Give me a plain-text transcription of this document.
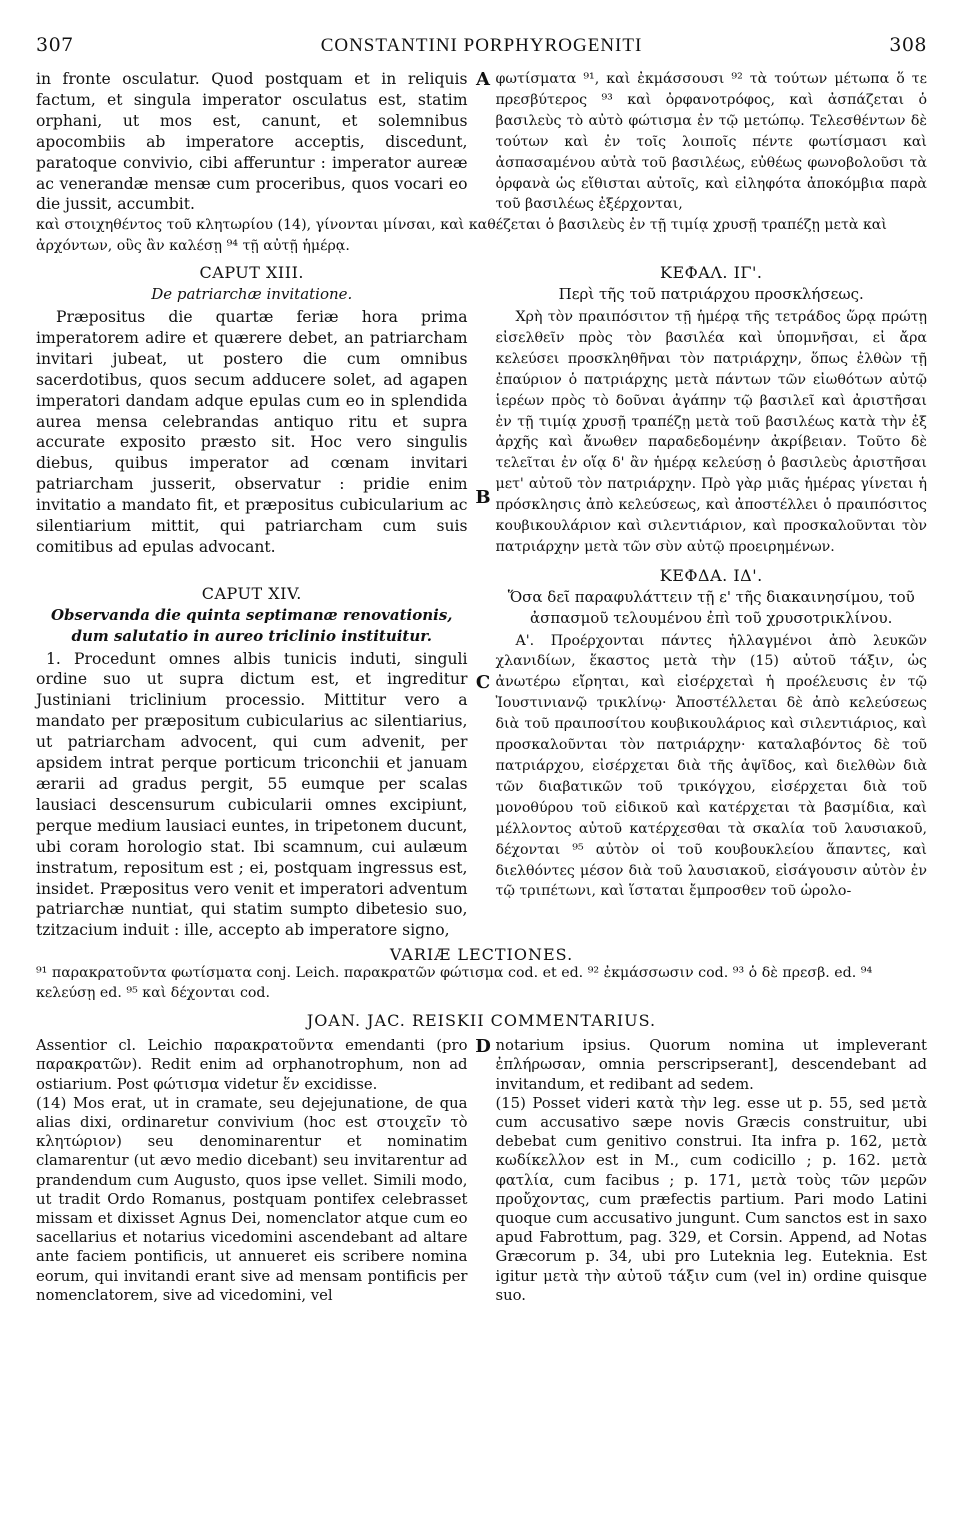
307	CONSTANTINI PORPHYROGENITI	308
A

in fronte osculatur. Quod postquam et in reliquis factum, et singula imperator osculatus est, statim orphani, ut mos est, canunt, et solemnibus apocombiis ab imperatore acceptis, discedunt, paratoque convivio, cibi afferuntur : imperator aureæ ac venerandæ mensæ cum proceribus, quos vocari eo die jussit, accumbit.

φωτίσματα ⁹¹, καὶ ἐκμάσσουσι ⁹² τὰ τούτων μέτωπα ὅ τε πρεσβύτερος ⁹³ καὶ ὀρφανοτρόφος, καὶ ἀσπάζεται ὁ βασιλεὺς τὸ αὐτὸ φώτισμα ἐν τῷ μετώπῳ. Τελεσθέντων δὲ τούτων καὶ ἐν τοῖς λοιποῖς πέντε φωτίσμασι καὶ ἀσπασαμένου αὐτὰ τοῦ βασιλέως, εὐθέως φωνοβολοῦσι τὰ ὀρφανὰ ὡς εἴθισται αὐτοῖς, καὶ εἰληφότα ἀποκόμβια παρὰ τοῦ βασιλέως ἐξέρχονται,

καὶ στοιχηθέντος τοῦ κλητωρίου (14), γίνονται μίνσαι, καὶ καθέζεται ὁ βασιλεὺς ἐν τῇ τιμίᾳ χρυσῇ τραπέζῃ μετὰ καὶ ἀρχόντων, οὓς ἂν καλέσῃ ⁹⁴ τῇ αὐτῇ ἡμέρᾳ.

B
CAPUT XIII.
De patriarchæ invitatione.

Præpositus die quartæ feriæ hora prima imperatorem adire et quærere debet, an patriarcham invitari jubeat, ut postero die cum omnibus sacerdotibus, quos secum adducere solet, ad agapen imperatori dandam adque epulas cum eo in splendida aurea mensa celebrandas antiquo ritu et supra accurate exposito præsto sit. Hoc vero singulis diebus, quibus imperator ad cœnam invitari patriarcham jusserit, observatur : pridie enim invitatio a mandato fit, et præpositus cubicularium ac silentiarium mittit, qui patriarcham cum suis comitibus ad epulas advocant.

ΚΕΦΑΛ. ΙΓ'.
Περὶ τῆς τοῦ πατριάρχου προσκλήσεως.

Χρὴ τὸν πραιπόσιτον τῇ ἡμέρᾳ τῆς τετράδος ὥρᾳ πρώτῃ εἰσελθεῖν πρὸς τὸν βασιλέα καὶ ὑπομνῆσαι, εἰ ἄρα κελεύσει προσκληθῆναι τὸν πατριάρχην, ὅπως ἐλθὼν τῇ ἐπαύριον ὁ πατριάρχης μετὰ πάντων τῶν εἰωθότων αὐτῷ ἱερέων πρὸς τὸ δοῦναι ἀγάπην τῷ βασιλεῖ καὶ ἀριστῆσαι ἐν τῇ τιμίᾳ χρυσῇ τραπέζῃ μετὰ τοῦ βασιλέως κατὰ τὴν ἐξ ἀρχῆς καὶ ἄνωθεν παραδεδομένην ἀκρίβειαν. Τοῦτο δὲ τελεῖται ἐν οἵᾳ δ' ἂν ἡμέρᾳ κελεύσῃ ὁ βασιλεὺς ἀριστῆσαι μετ' αὐτοῦ τὸν πατριάρχην. Πρὸ γὰρ μιᾶς ἡμέρας γίνεται ἡ πρόσκλησις ἀπὸ κελεύσεως, καὶ ἀποστέλλει ὁ πραιπόσιτος κουβικουλάριον καὶ σιλεντιάριον, καὶ προσκαλοῦνται τὸν πατριάρχην μετὰ τῶν σὺν αὐτῷ προειρημένων.

C
CAPUT XIV.
Observanda die quinta septimanæ renovationis, dum salutatio in aureo triclinio instituitur.

1. Procedunt omnes albis tunicis induti, singuli ordine suo ut supra dictum est, et ingreditur Justiniani triclinium processio. Mittitur vero a mandato per præpositum cubicularius ac silentiarius, ut patriarcham advocent, qui cum advenit, per apsidem intrat perque porticum triconchii et januam ærarii ad gradus pergit, 55 eumque per scalas lausiaci descensurum cubicularii omnes excipiunt, perque medium lausiaci euntes, in tripetonem ducunt, ubi coram horologio stat. Ibi scamnum, cui aulæum instratum, repositum est ; ei, postquam ingressus est, insidet. Præpositus vero venit et imperatori adventum patriarchæ nuntiat, qui statim sumpto dibetesio suo, tzitzacium induit : ille, accepto ab imperatore signo,

ΚΕΦΔΑ. ΙΔ'.
Ὅσα δεῖ παραφυλάττειν τῇ ε' τῆς διακαινησίμου, τοῦ ἀσπασμοῦ τελουμένου ἐπὶ τοῦ χρυσοτρικλίνου.

Α'. Προέρχονται πάντες ἠλλαγμένοι ἀπὸ λευκῶν χλανιδίων, ἕκαστος μετὰ τὴν (15) αὐτοῦ τάξιν, ὡς ἀνωτέρω εἴρηται, καὶ εἰσέρχεταὶ ἡ προέλευσις ἐν τῷ Ἰουστινιανῷ τρικλίνῳ· Ἀποστέλλεται δὲ ἀπὸ κελεύσεως διὰ τοῦ πραιποσίτου κουβικουλάριος καὶ σιλεντιάριος, καὶ προσκαλοῦνται τὸν πατριάρχην· καταλαβόντος δὲ τοῦ πατριάρχου, εἰσέρχεται διὰ τῆς ἀψῖδος, καὶ διελθὼν διὰ τῶν διαβατικῶν τοῦ τρικόγχου, εἰσέρχεται διὰ τοῦ μονοθύρου τοῦ εἰδικοῦ καὶ κατέρχεται τὰ βασμίδια, καὶ μέλλοντος αὐτοῦ κατέρχεσθαι τὰ σκαλία τοῦ λαυσιακοῦ, δέχονται ⁹⁵ αὐτὸν οἱ τοῦ κουβουκλείου ἅπαντες, καὶ διελθόντες μέσον διὰ τοῦ λαυσιακοῦ, εἰσάγουσιν αὐτὸν ἐν τῷ τριπέτωνι, καὶ ἵσταται ἔμπροσθεν τοῦ ὡρολο-

VARIÆ LECTIONES.

⁹¹ παρακρατοῦντα φωτίσματα conj. Leich. παρακρατῶν φώτισμα cod. et ed. ⁹² ἐκμάσσωσιν cod. ⁹³ ὁ δὲ πρεσβ. ed. ⁹⁴ κελεύσῃ ed. ⁹⁵ καὶ δέχονται cod.

JOAN. JAC. REISKII COMMENTARIUS.
D

Assentior cl. Leichio παρακρατοῦντα emendanti (pro παρακρατῶν). Redit enim ad orphanotrophum, non ad ostiarium. Post φώτισμα videtur ἕν excidisse.
(14) Mos erat, ut in cramate, seu dejejunatione, de qua alias dixi, ordinaretur convivium (hoc est στοιχεῖν τὸ κλητώριον) seu denominarentur et nominatim clamarentur (ut ævo medio dicebant) seu invitarentur ad prandendum cum Augusto, quos ipse vellet. Simili modo, ut tradit Ordo Romanus, postquam pontifex celebrasset missam et dixisset Agnus Dei, nomenclator atque cum eo sacellarius et notarius vicedomini ascendebant ad altare ante faciem pontificis, ut annueret eis scribere nomina eorum, qui invitandi erant sive ad mensam pontificis per nomenclatorem, sive ad vicedomini, vel

notarium ipsius. Quorum nomina ut impleverant ἐπλήρωσαν, omnia perscripserant], descendebant ad invitandum, et redibant ad sedem.
(15) Posset videri κατὰ τὴν leg. esse ut p. 55, sed μετὰ cum accusativo sæpe novis Græcis construitur, ubi debebat cum genitivo construi. Ita infra p. 162, μετὰ κωδίκελλον est in M., cum codicillo ; p. 162. μετὰ φατλία, cum facibus ; p. 171, μετὰ τοὺς τῶν μερῶν προὔχοντας, cum præfectis partium. Pari modo Latini quoque cum accusativo jungunt. Cum sanctos est in saxo apud Fabrottum, pag. 329, et Corsin. Append, ad Notas Græcorum p. 34, ubi pro Luteknia leg. Euteknia. Est igitur μετὰ τὴν αὐτοῦ τάξιν cum (vel in) ordine quisque suo.
